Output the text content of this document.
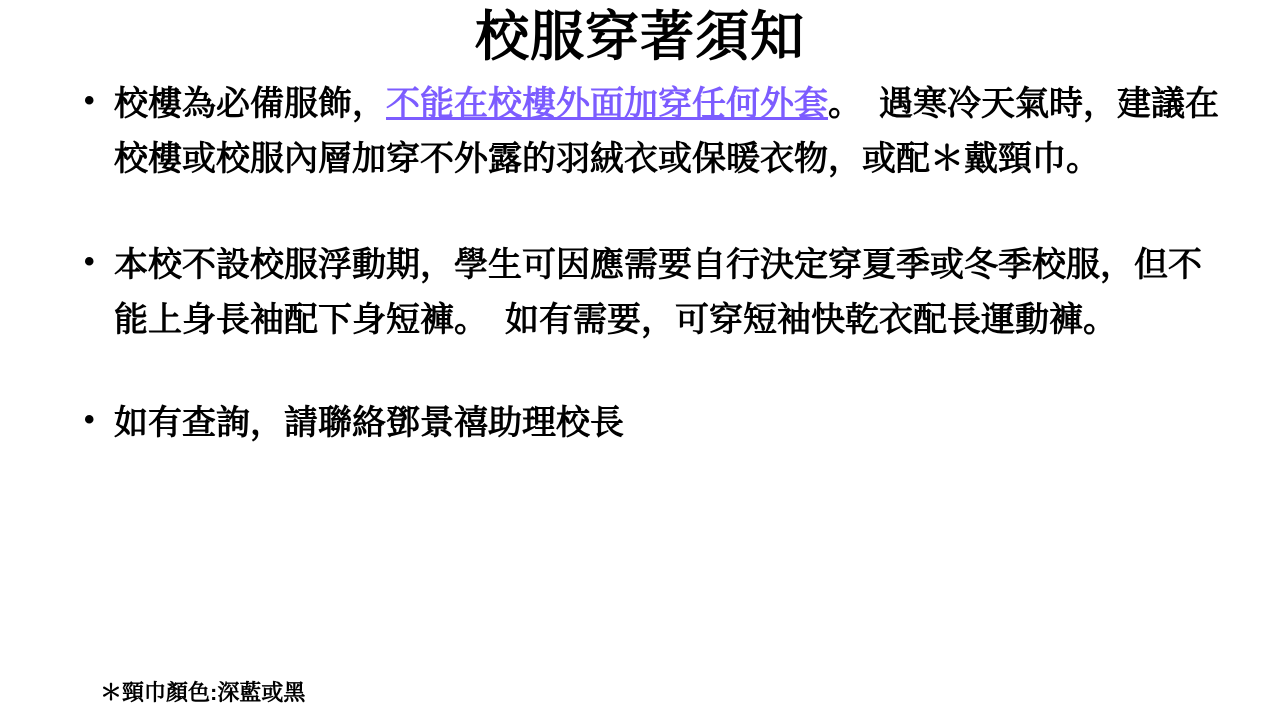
校服穿著須知
• 校樓為必備服飾，不能在校樓外面加穿任何外套。　遇寒冷天氣時，建議在校樓或校服內層加穿不外露的羽絨衣或保暖衣物，或配＊戴頸巾。
• 本校不設校服浮動期，學生可因應需要自行決定穿夏季或冬季校服，但不能上身長袖配下身短褲。　如有需要，可穿短袖快乾衣配長運動褲。
• 如有查詢，請聯絡鄧景禧助理校長
＊頸巾顏色:深藍或黑
